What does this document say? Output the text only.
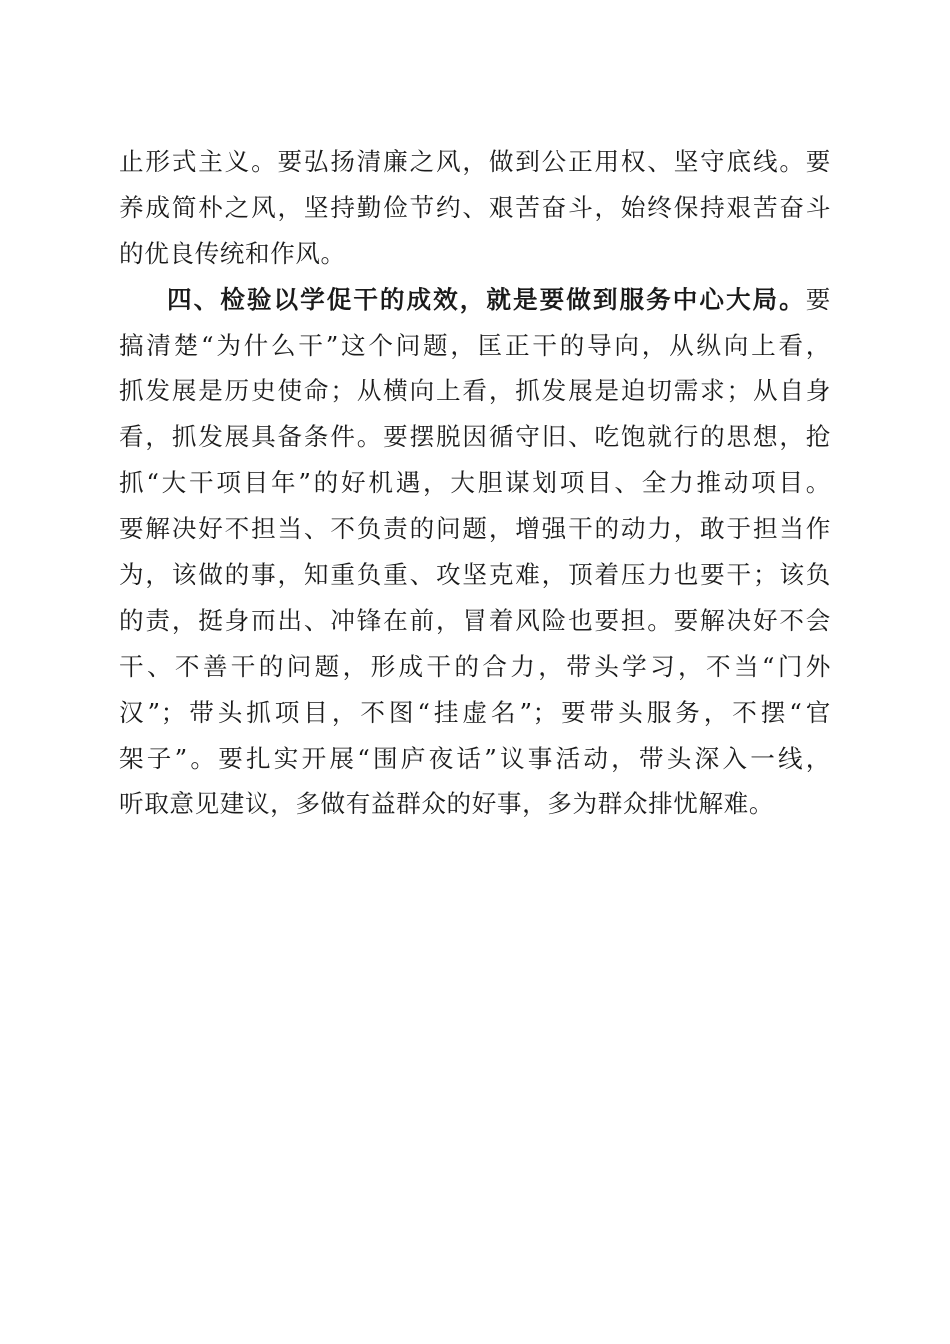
止形式主义。要弘扬清廉之风，做到公正用权、坚守底线。要
养成简朴之风，坚持勤俭节约、艰苦奋斗，始终保持艰苦奋斗
的优良传统和作风。
四、检验以学促干的成效，就是要做到服务中心大局。要
搞清楚“为什么干”这个问题，匡正干的导向，从纵向上看，
抓发展是历史使命；从横向上看，抓发展是迫切需求；从自身
看，抓发展具备条件。要摆脱因循守旧、吃饱就行的思想，抢
抓“大干项目年”的好机遇，大胆谋划项目、全力推动项目。
要解决好不担当、不负责的问题，增强干的动力，敢于担当作
为，该做的事，知重负重、攻坚克难，顶着压力也要干；该负
的责，挺身而出、冲锋在前，冒着风险也要担。要解决好不会
干、不善干的问题，形成干的合力，带头学习，不当“门外
汉”；带头抓项目，不图“挂虚名”；要带头服务，不摆“官
架子”。要扎实开展“围庐夜话”议事活动，带头深入一线，
听取意见建议，多做有益群众的好事，多为群众排忧解难。
